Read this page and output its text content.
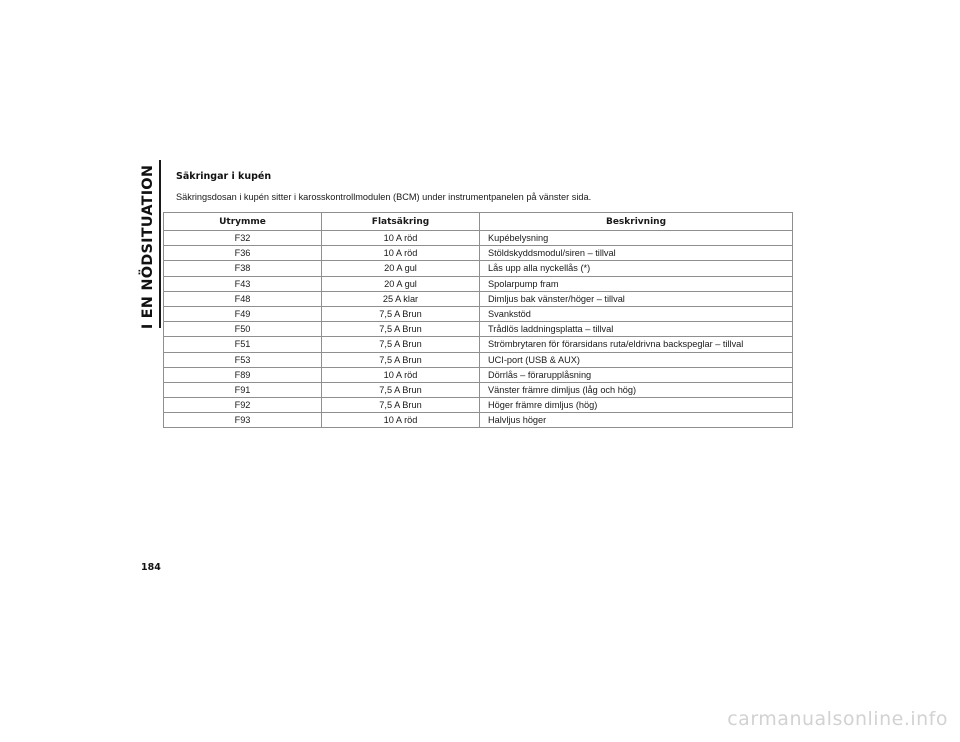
I EN NÖDSITUATION Säkringar i kupén
Säkringsdosan i kupén sitter i karosskontrollmodulen (BCM) under instrumentpanelen på vänster sida.
Utrymme	Flatsäkring	Beskrivning
F32	10 A röd	Kupébelysning
F36	10 A röd	Stöldskyddsmodul/siren – tillval
F38	20 A gul	Lås upp alla nyckellås (*)
F43	20 A gul	Spolarpump fram
F48	25 A klar	Dimljus bak vänster/höger – tillval
F49	7,5 A Brun	Svankstöd
F50	7,5 A Brun	Trådlös laddningsplatta – tillval
F51	7,5 A Brun	Strömbrytaren för förarsidans ruta/eldrivna backspeglar – tillval
F53	7,5 A Brun	UCI-port (USB & AUX)
F89	10 A röd	Dörrlås – förarupplåsning
F91	7,5 A Brun	Vänster främre dimljus (låg och hög)
F92	7,5 A Brun	Höger främre dimljus (hög)
F93	10 A röd	Halvljus höger
184
carmanualsonline.info
